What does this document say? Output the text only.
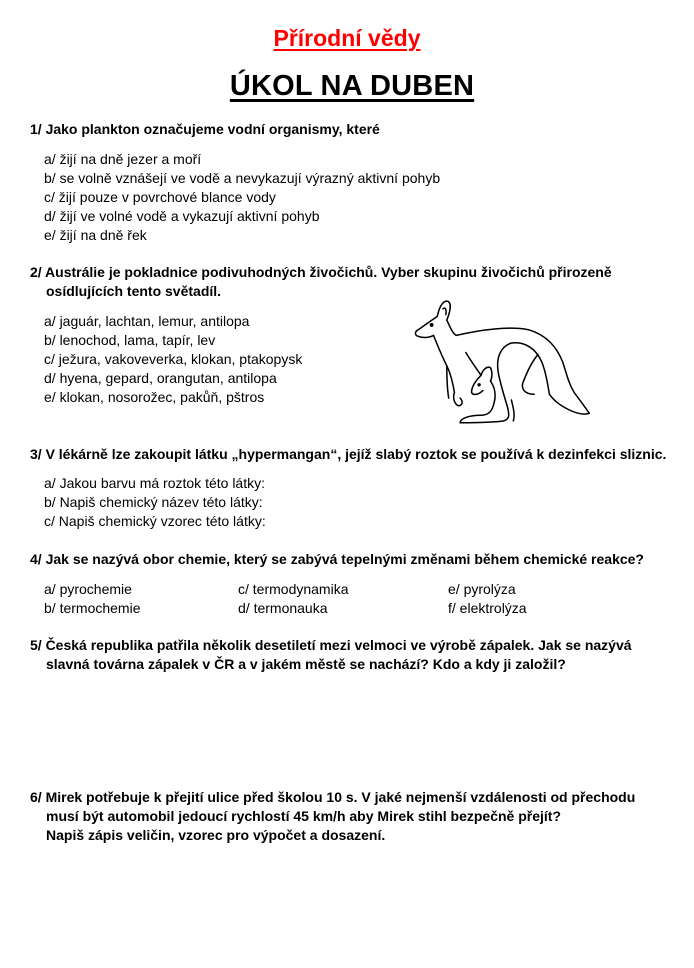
Přírodní vědy
ÚKOL NA DUBEN
1/ Jako plankton označujeme vodní organismy, které
a/ žijí na dně jezer a moří
b/ se volně vznášejí ve vodě a nevykazují výrazný aktivní pohyb
c/ žijí pouze v povrchové blance vody
d/ žijí ve volné vodě a vykazují aktivní pohyb
e/ žijí na dně řek
2/ Austrálie je pokladnice podivuhodných živočichů. Vyber skupinu živočichů přirozeně
osídlujících tento světadíl.
a/ jaguár, lachtan, lemur, antilopa
b/ lenochod, lama, tapír, lev
c/ ježura, vakoveverka, klokan, ptakopysk
d/ hyena, gepard, orangutan, antilopa
e/ klokan, nosorožec, pakůň, pštros
3/ V lékárně lze zakoupit látku „hypermangan“, jejíž slabý roztok se používá k dezinfekci sliznic.
a/ Jakou barvu má roztok této látky:
b/ Napiš chemický název této látky:
c/ Napiš chemický vzorec této látky:
4/ Jak se nazývá obor chemie, který se zabývá tepelnými změnami během chemické reakce?
a/ pyrochemie	c/ termodynamika	e/ pyrolýza
b/ termochemie	d/ termonauka	f/ elektrolýza
5/ Česká republika patřila několik desetiletí mezi velmoci ve výrobě zápalek. Jak se nazývá
slavná továrna zápalek v ČR a v jakém městě se nachází? Kdo a kdy ji založil?
6/ Mirek potřebuje k přejití ulice před školou 10 s. V jaké nejmenší vzdálenosti od přechodu
musí být automobil jedoucí rychlostí 45 km/h aby Mirek stihl bezpečně přejít?
Napiš zápis veličin, vzorec pro výpočet a dosazení.
